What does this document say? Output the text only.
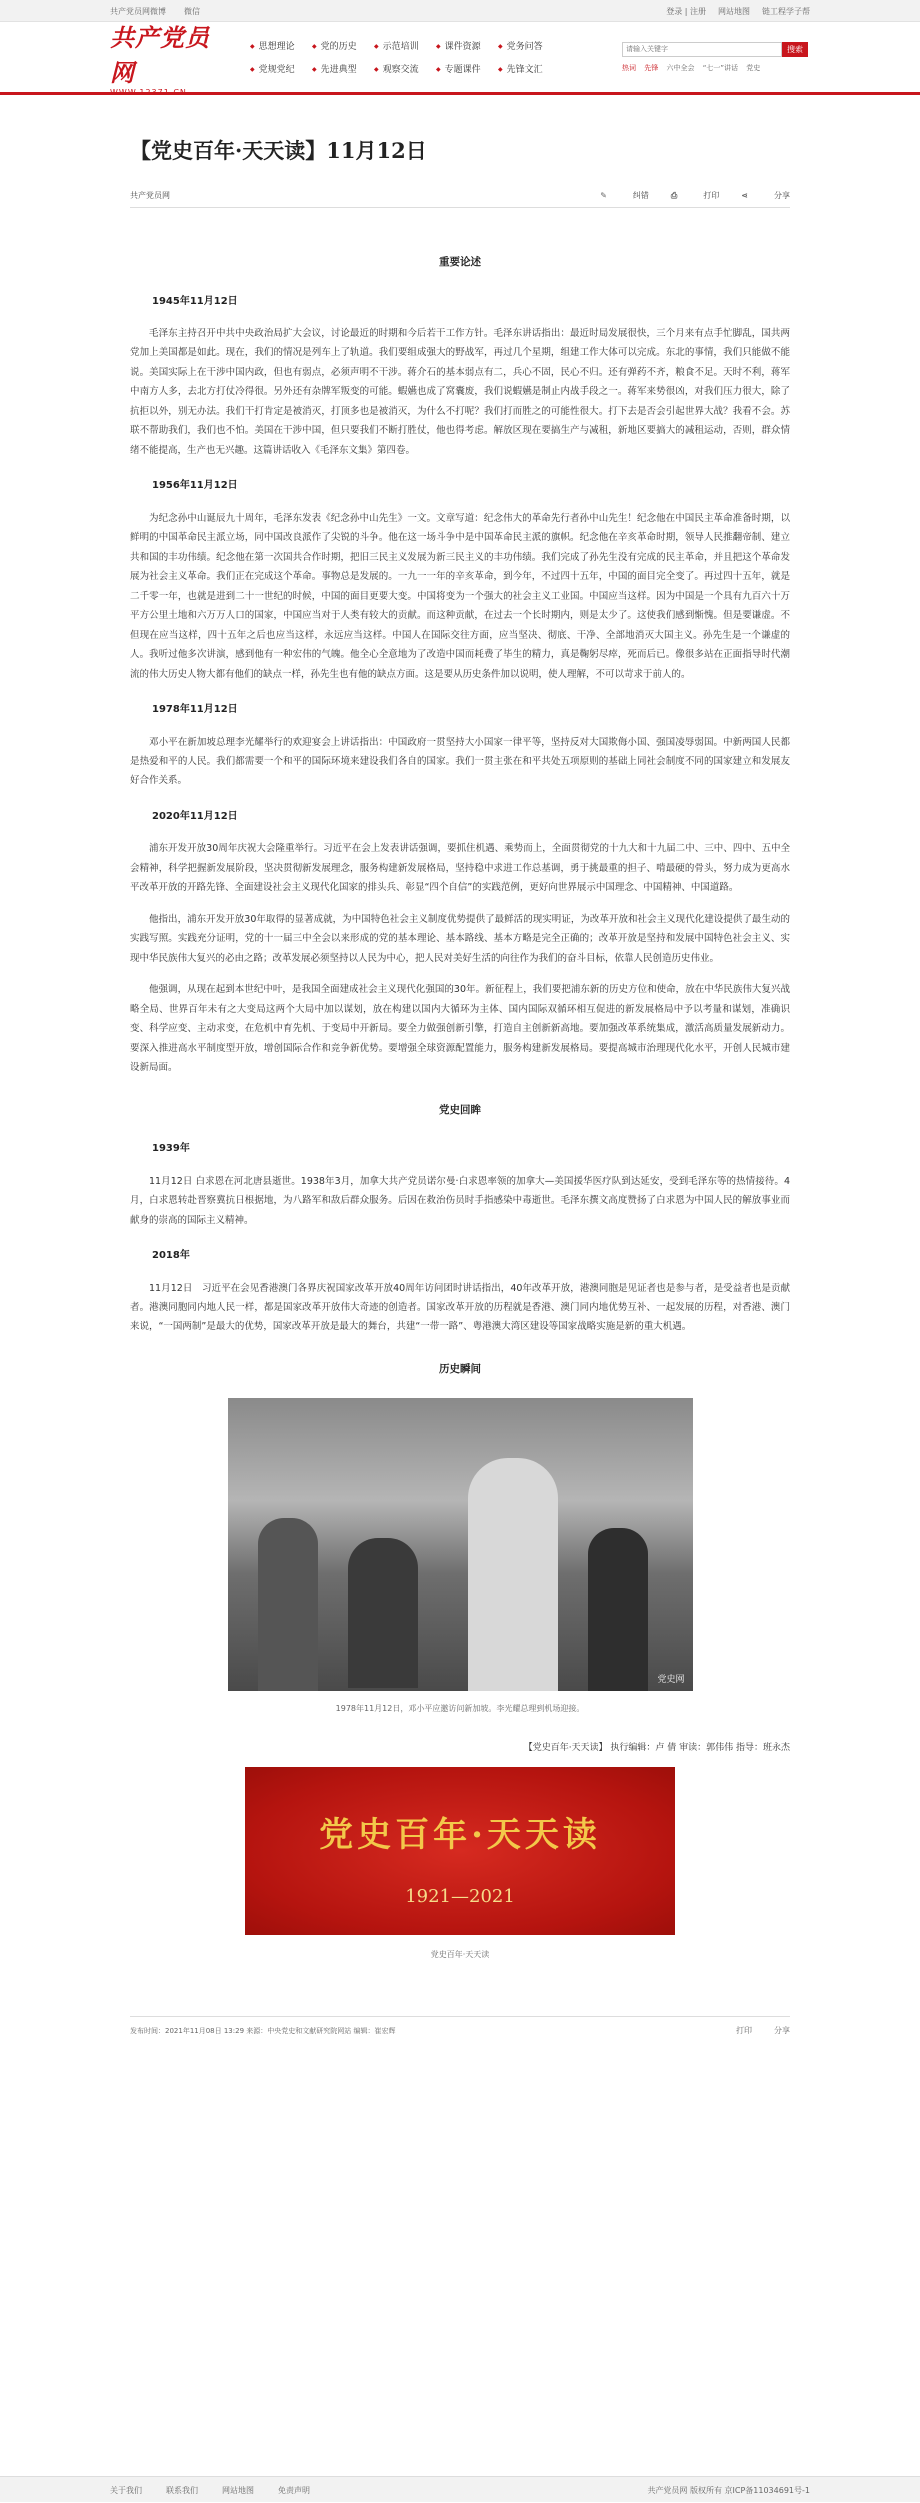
共产党员网微博 微信	登录 | 注册 网站地图 链工程学子帮
共产党员网
WWW.12371.CN
◆ 思想理论	◆ 党的历史	◆ 示范培训	◆ 课件资源	◆ 党务问答
◆ 党规党纪	◆ 先进典型	◆ 观察交流	◆ 专题课件	◆ 先锋文汇
请输入关键字
搜索
热词 先锋 六中全会 “七一”讲话 党史
【党史百年·天天读】11月12日
共产党员网	✎	纠错	⎙	打印	⋖	分享
重要论述
1945年11月12日

毛泽东主持召开中共中央政治局扩大会议，讨论最近的时期和今后若干工作方针。毛泽东讲话指出：最近时局发展很快，三个月来有点手忙脚乱，国共两党加上美国都是如此。现在，我们的情况是列车上了轨道。我们要组成强大的野战军，再过几个星期，组建工作大体可以完成。东北的事情，我们只能做不能说。美国实际上在干涉中国内政，但也有弱点，必须声明不干涉。蒋介石的基本弱点有二，兵心不固，民心不归。还有弹药不齐，粮食不足。天时不利，蒋军中南方人多，去北方打仗冷得很。另外还有杂牌军叛变的可能。蝦嬿也成了窝囊废，我们说蝦嬿是制止内战手段之一。蒋军来势很凶，对我们压力很大，除了抗拒以外，别无办法。我们干打肯定是被消灭，打顶多也是被消灭，为什么不打呢？我们打而胜之的可能性很大。打下去是否会引起世界大战？我看不会。苏联不帮助我们，我们也不怕。美国在干涉中国，但只要我们不断打胜仗，他也得考虑。解放区现在要搞生产与减租，新地区要搞大的减租运动，否则，群众情绪不能提高，生产也无兴趣。这篇讲话收入《毛泽东文集》第四卷。

1956年11月12日

为纪念孙中山诞辰九十周年，毛泽东发表《纪念孙中山先生》一文。文章写道：纪念伟大的革命先行者孙中山先生！纪念他在中国民主革命准备时期，以鲜明的中国革命民主派立场，同中国改良派作了尖锐的斗争。他在这一场斗争中是中国革命民主派的旗帜。纪念他在辛亥革命时期，领导人民推翻帝制、建立共和国的丰功伟绩。纪念他在第一次国共合作时期，把旧三民主义发展为新三民主义的丰功伟绩。我们完成了孙先生没有完成的民主革命，并且把这个革命发展为社会主义革命。我们正在完成这个革命。事物总是发展的。一九一一年的辛亥革命，到今年，不过四十五年，中国的面目完全变了。再过四十五年，就是二千零一年，也就是进到二十一世纪的时候，中国的面目更要大变。中国将变为一个强大的社会主义工业国。中国应当这样。因为中国是一个具有九百六十万平方公里土地和六万万人口的国家，中国应当对于人类有较大的贡献。而这种贡献，在过去一个长时期内，则是太少了。这使我们感到惭愧。但是要谦虚。不但现在应当这样，四十五年之后也应当这样，永远应当这样。中国人在国际交往方面，应当坚决、彻底、干净、全部地消灭大国主义。孙先生是一个谦虚的人。我听过他多次讲演，感到他有一种宏伟的气魄。他全心全意地为了改造中国而耗费了毕生的精力，真是鞠躬尽瘁，死而后已。像很多站在正面指导时代潮流的伟大历史人物大都有他们的缺点一样，孙先生也有他的缺点方面。这是要从历史条件加以说明，使人理解，不可以苛求于前人的。

1978年11月12日

邓小平在新加坡总理李光耀举行的欢迎宴会上讲话指出：中国政府一贯坚持大小国家一律平等，坚持反对大国欺侮小国、强国凌辱弱国。中新两国人民都是热爱和平的人民。我们都需要一个和平的国际环境来建设我们各自的国家。我们一贯主张在和平共处五项原则的基础上同社会制度不同的国家建立和发展友好合作关系。

2020年11月12日

浦东开发开放30周年庆祝大会隆重举行。习近平在会上发表讲话强调，要抓住机遇、乘势而上，全面贯彻党的十九大和十九届二中、三中、四中、五中全会精神，科学把握新发展阶段，坚决贯彻新发展理念，服务构建新发展格局，坚持稳中求进工作总基调，勇于挑最重的担子、啃最硬的骨头，努力成为更高水平改革开放的开路先锋、全面建设社会主义现代化国家的排头兵、彰显“四个自信”的实践范例，更好向世界展示中国理念、中国精神、中国道路。

他指出，浦东开发开放30年取得的显著成就，为中国特色社会主义制度优势提供了最鲜活的现实明证，为改革开放和社会主义现代化建设提供了最生动的实践写照。实践充分证明，党的十一届三中全会以来形成的党的基本理论、基本路线、基本方略是完全正确的；改革开放是坚持和发展中国特色社会主义、实现中华民族伟大复兴的必由之路；改革发展必须坚持以人民为中心，把人民对美好生活的向往作为我们的奋斗目标，依靠人民创造历史伟业。

他强调，从现在起到本世纪中叶，是我国全面建成社会主义现代化强国的30年。新征程上，我们要把浦东新的历史方位和使命，放在中华民族伟大复兴战略全局、世界百年未有之大变局这两个大局中加以谋划，放在构建以国内大循环为主体、国内国际双循环相互促进的新发展格局中予以考量和谋划，准确识变、科学应变、主动求变，在危机中育先机、于变局中开新局。要全力做强创新引擎，打造自主创新新高地。要加强改革系统集成，激活高质量发展新动力。要深入推进高水平制度型开放，增创国际合作和竞争新优势。要增强全球资源配置能力，服务构建新发展格局。要提高城市治理现代化水平，开创人民城市建设新局面。

党史回眸
1939年

11月12日 白求恩在河北唐县逝世。1938年3月，加拿大共产党员诺尔曼·白求恩率领的加拿大—美国援华医疗队到达延安，受到毛泽东等的热情接待。4月，白求恩转赴晋察冀抗日根据地，为八路军和敌后群众服务。后因在救治伤员时手指感染中毒逝世。毛泽东撰文高度赞扬了白求恩为中国人民的解放事业而献身的崇高的国际主义精神。

2018年

11月12日　习近平在会见香港澳门各界庆祝国家改革开放40周年访问团时讲话指出，40年改革开放，港澳同胞是见证者也是参与者，是受益者也是贡献者。港澳同胞同内地人民一样，都是国家改革开放伟大奇迹的创造者。国家改革开放的历程就是香港、澳门同内地优势互补、一起发展的历程，对香港、澳门来说，“一国两制”是最大的优势，国家改革开放是最大的舞台，共建“一带一路”、粤港澳大湾区建设等国家战略实施是新的重大机遇。

历史瞬间
党史网
1978年11月12日，邓小平应邀访问新加坡。李光耀总理到机场迎接。
【党史百年·天天读】 执行编辑：卢 倩 审读：郭伟伟 指导：班永杰
党史百年·天天读
1921—2021
党史百年·天天读
发布时间：2021年11月08日 13:29 来源：中央党史和文献研究院网站 编辑：崔宏辉	打印	分享
关于我们	联系我们	网站地图	免责声明	共产党员网 版权所有 京ICP备11034691号-1
